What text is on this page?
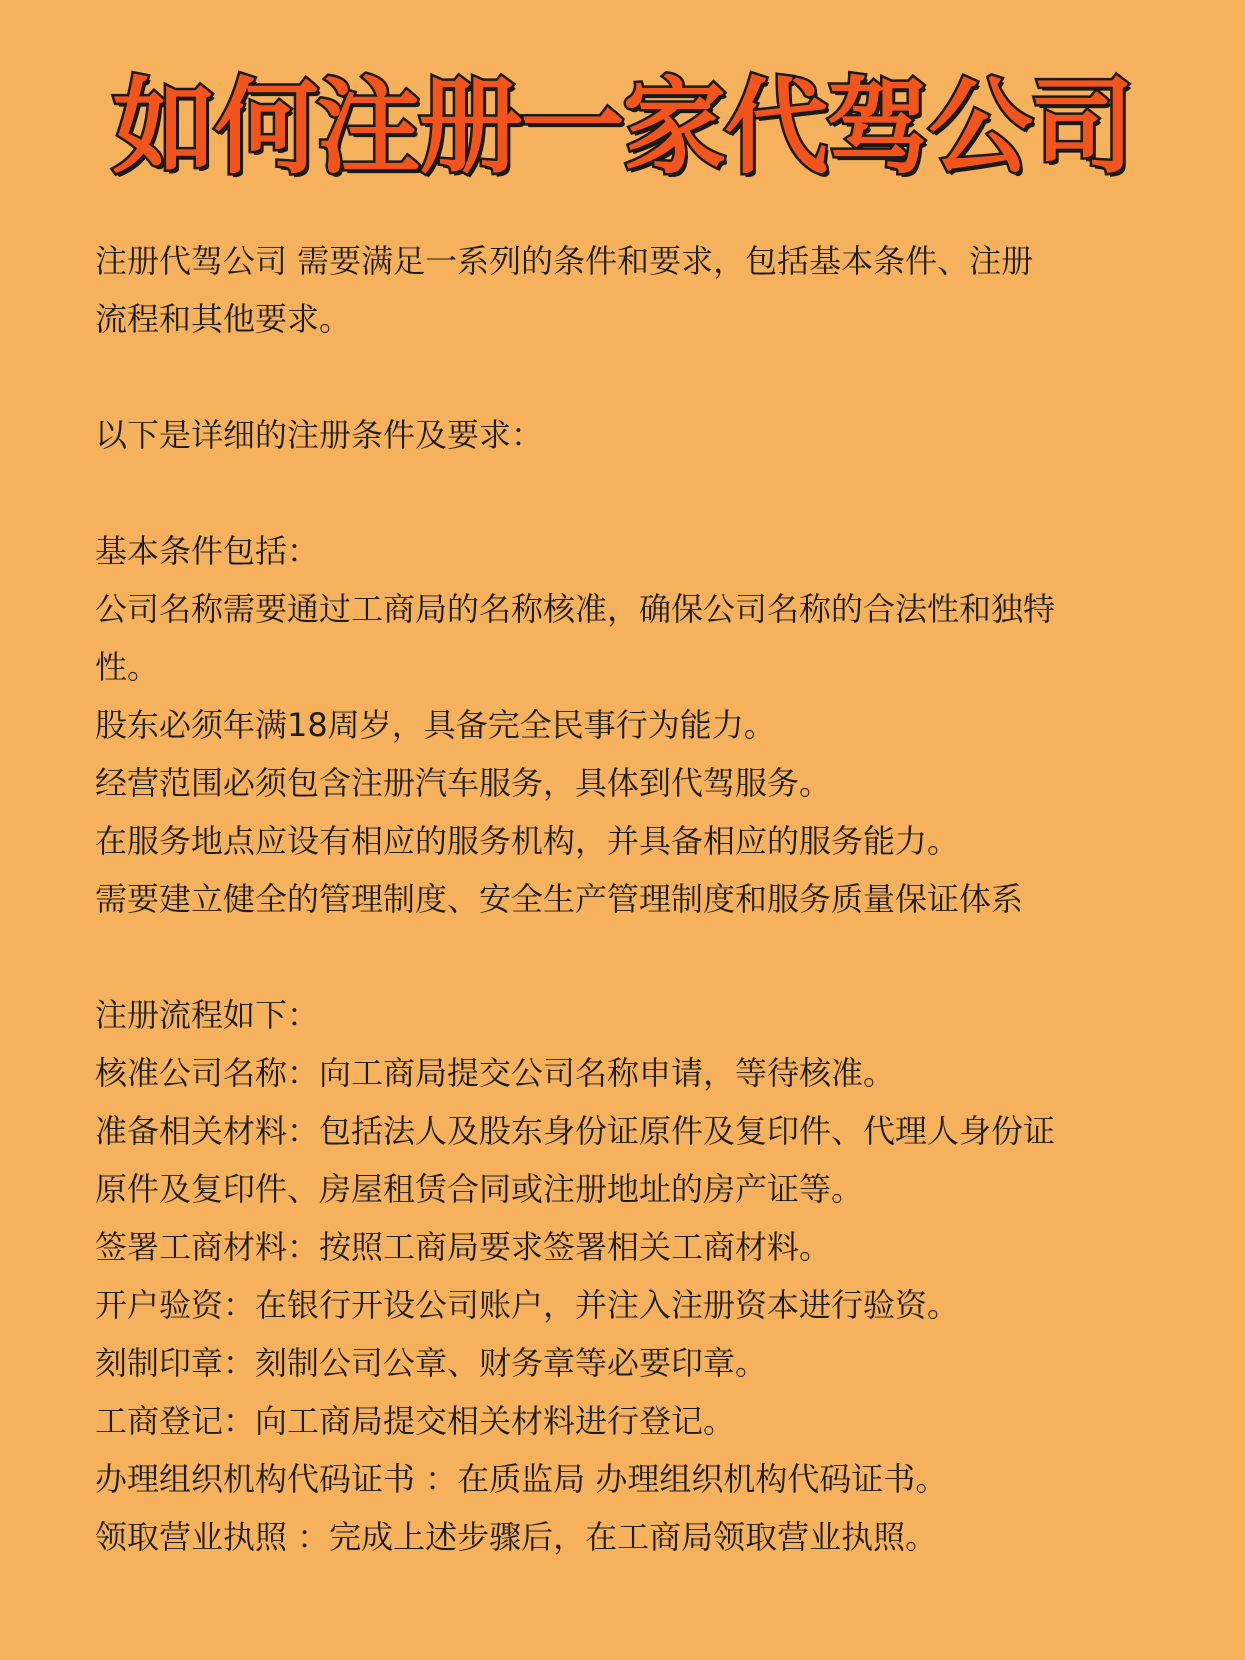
如何注册一家代驾公司
注册代驾公司 需要满足一系列的条件和要求，包括基本条件、注册
流程和其他要求。
以下是详细的注册条件及要求：
基本条件包括：
公司名称需要通过工商局的名称核准，确保公司名称的合法性和独特
性。
股东必须年满18周岁，具备完全民事行为能力。
经营范围必须包含注册汽车服务，具体到代驾服务。
在服务地点应设有相应的服务机构，并具备相应的服务能力。
需要建立健全的管理制度、安全生产管理制度和服务质量保证体系
注册流程如下：
核准公司名称：向工商局提交公司名称申请，等待核准。
准备相关材料：包括法人及股东身份证原件及复印件、代理人身份证
原件及复印件、房屋租赁合同或注册地址的房产证等。
签署工商材料：按照工商局要求签署相关工商材料。
开户验资：在银行开设公司账户，并注入注册资本进行验资。
刻制印章：刻制公司公章、财务章等必要印章。
工商登记：向工商局提交相关材料进行登记。
办理组织机构代码证书 ：在质监局 办理组织机构代码证书。
领取营业执照 ：完成上述步骤后，在工商局领取营业执照。
